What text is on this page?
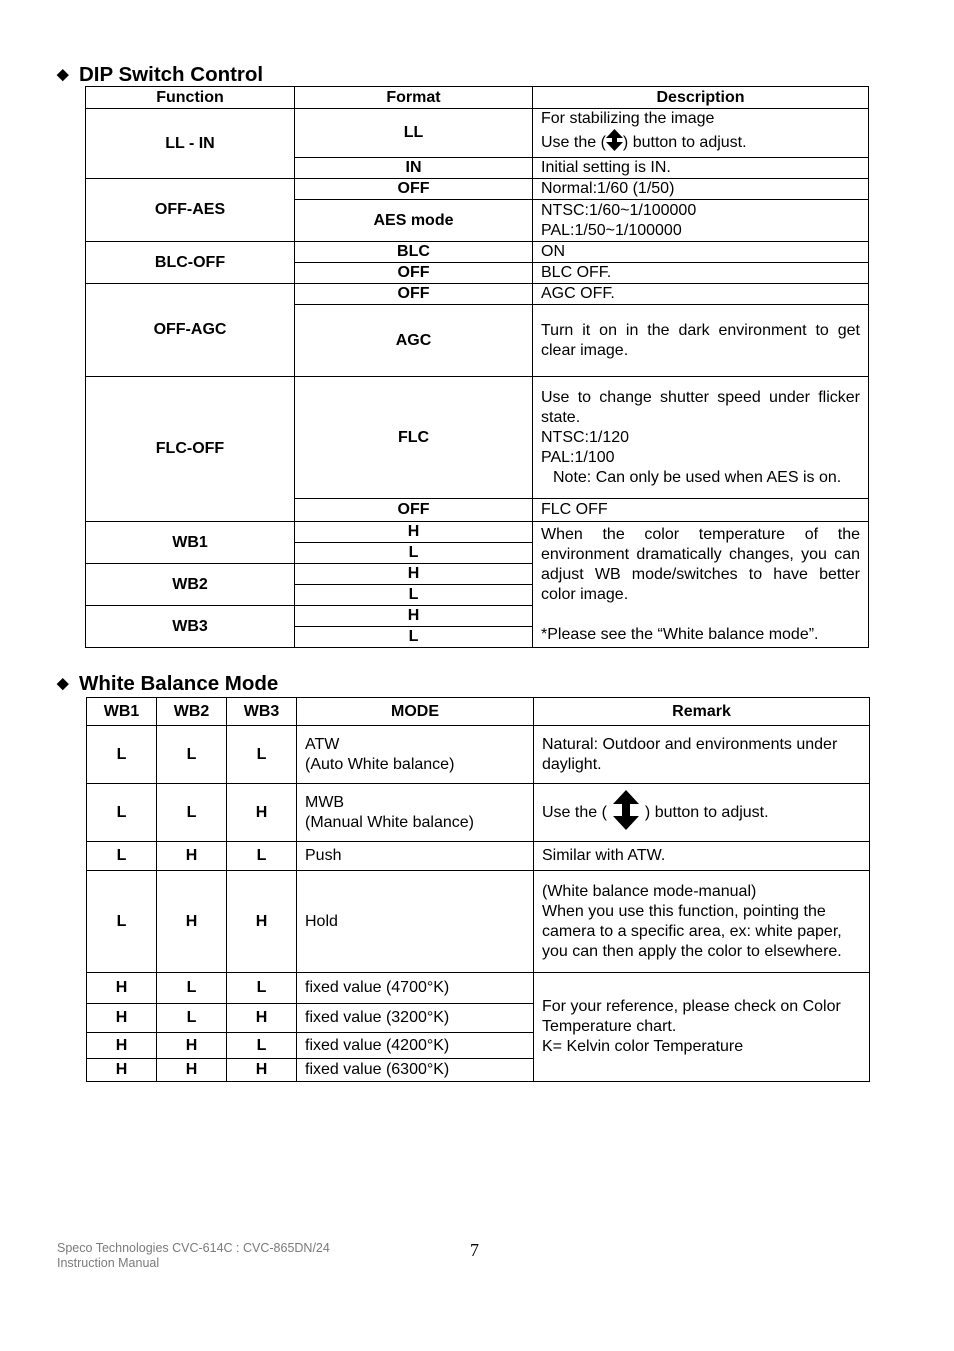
◆ DIP Switch Control
Function	Format	Description
LL - IN	LL	For stabilizing the image
Use the ( ) button to adjust.

	IN	Initial setting is IN.
OFF-AES	OFF	Normal:1/60 (1/50)
	AES mode	NTSC:1/60~1/100000
PAL:1/50~1/100000

BLC-OFF	BLC	ON
	OFF	BLC OFF.
OFF-AGC	OFF	AGC OFF.
	AGC	Turn it on in the dark environment to get clear image.
FLC-OFF	FLC	Use to change shutter speed under flicker state.
NTSC:1/120
PAL:1/100
Note: Can only be used when AES is on.

	OFF	FLC OFF
WB1	H	When the color temperature of the environment dramatically changes, you can adjust WB mode/switches to have better color image.
*Please see the “White balance mode”.

	L	
WB2	H	
	L	
WB3	H	
	L	
◆ White Balance Mode
WB1	WB2	WB3	MODE	Remark
L	L	L	ATW
(Auto White balance)	Natural: Outdoor and environments under daylight.
L	L	H	MWB
(Manual White balance)	Use the ( ) button to adjust.
L	H	L	Push	Similar with ATW.
L	H	H	Hold	(White balance mode-manual)
When you use this function, pointing the camera to a specific area, ex: white paper, you can then apply the color to elsewhere.

H	L	L	fixed value (4700°K)	For your reference, please check on Color Temperature chart.
K= Kelvin color Temperature

H	L	H	fixed value (3200°K)	
H	H	L	fixed value (4200°K)	
H	H	H	fixed value (6300°K)	
Speco Technologies CVC-614C : CVC-865DN/24
Instruction Manual
7
